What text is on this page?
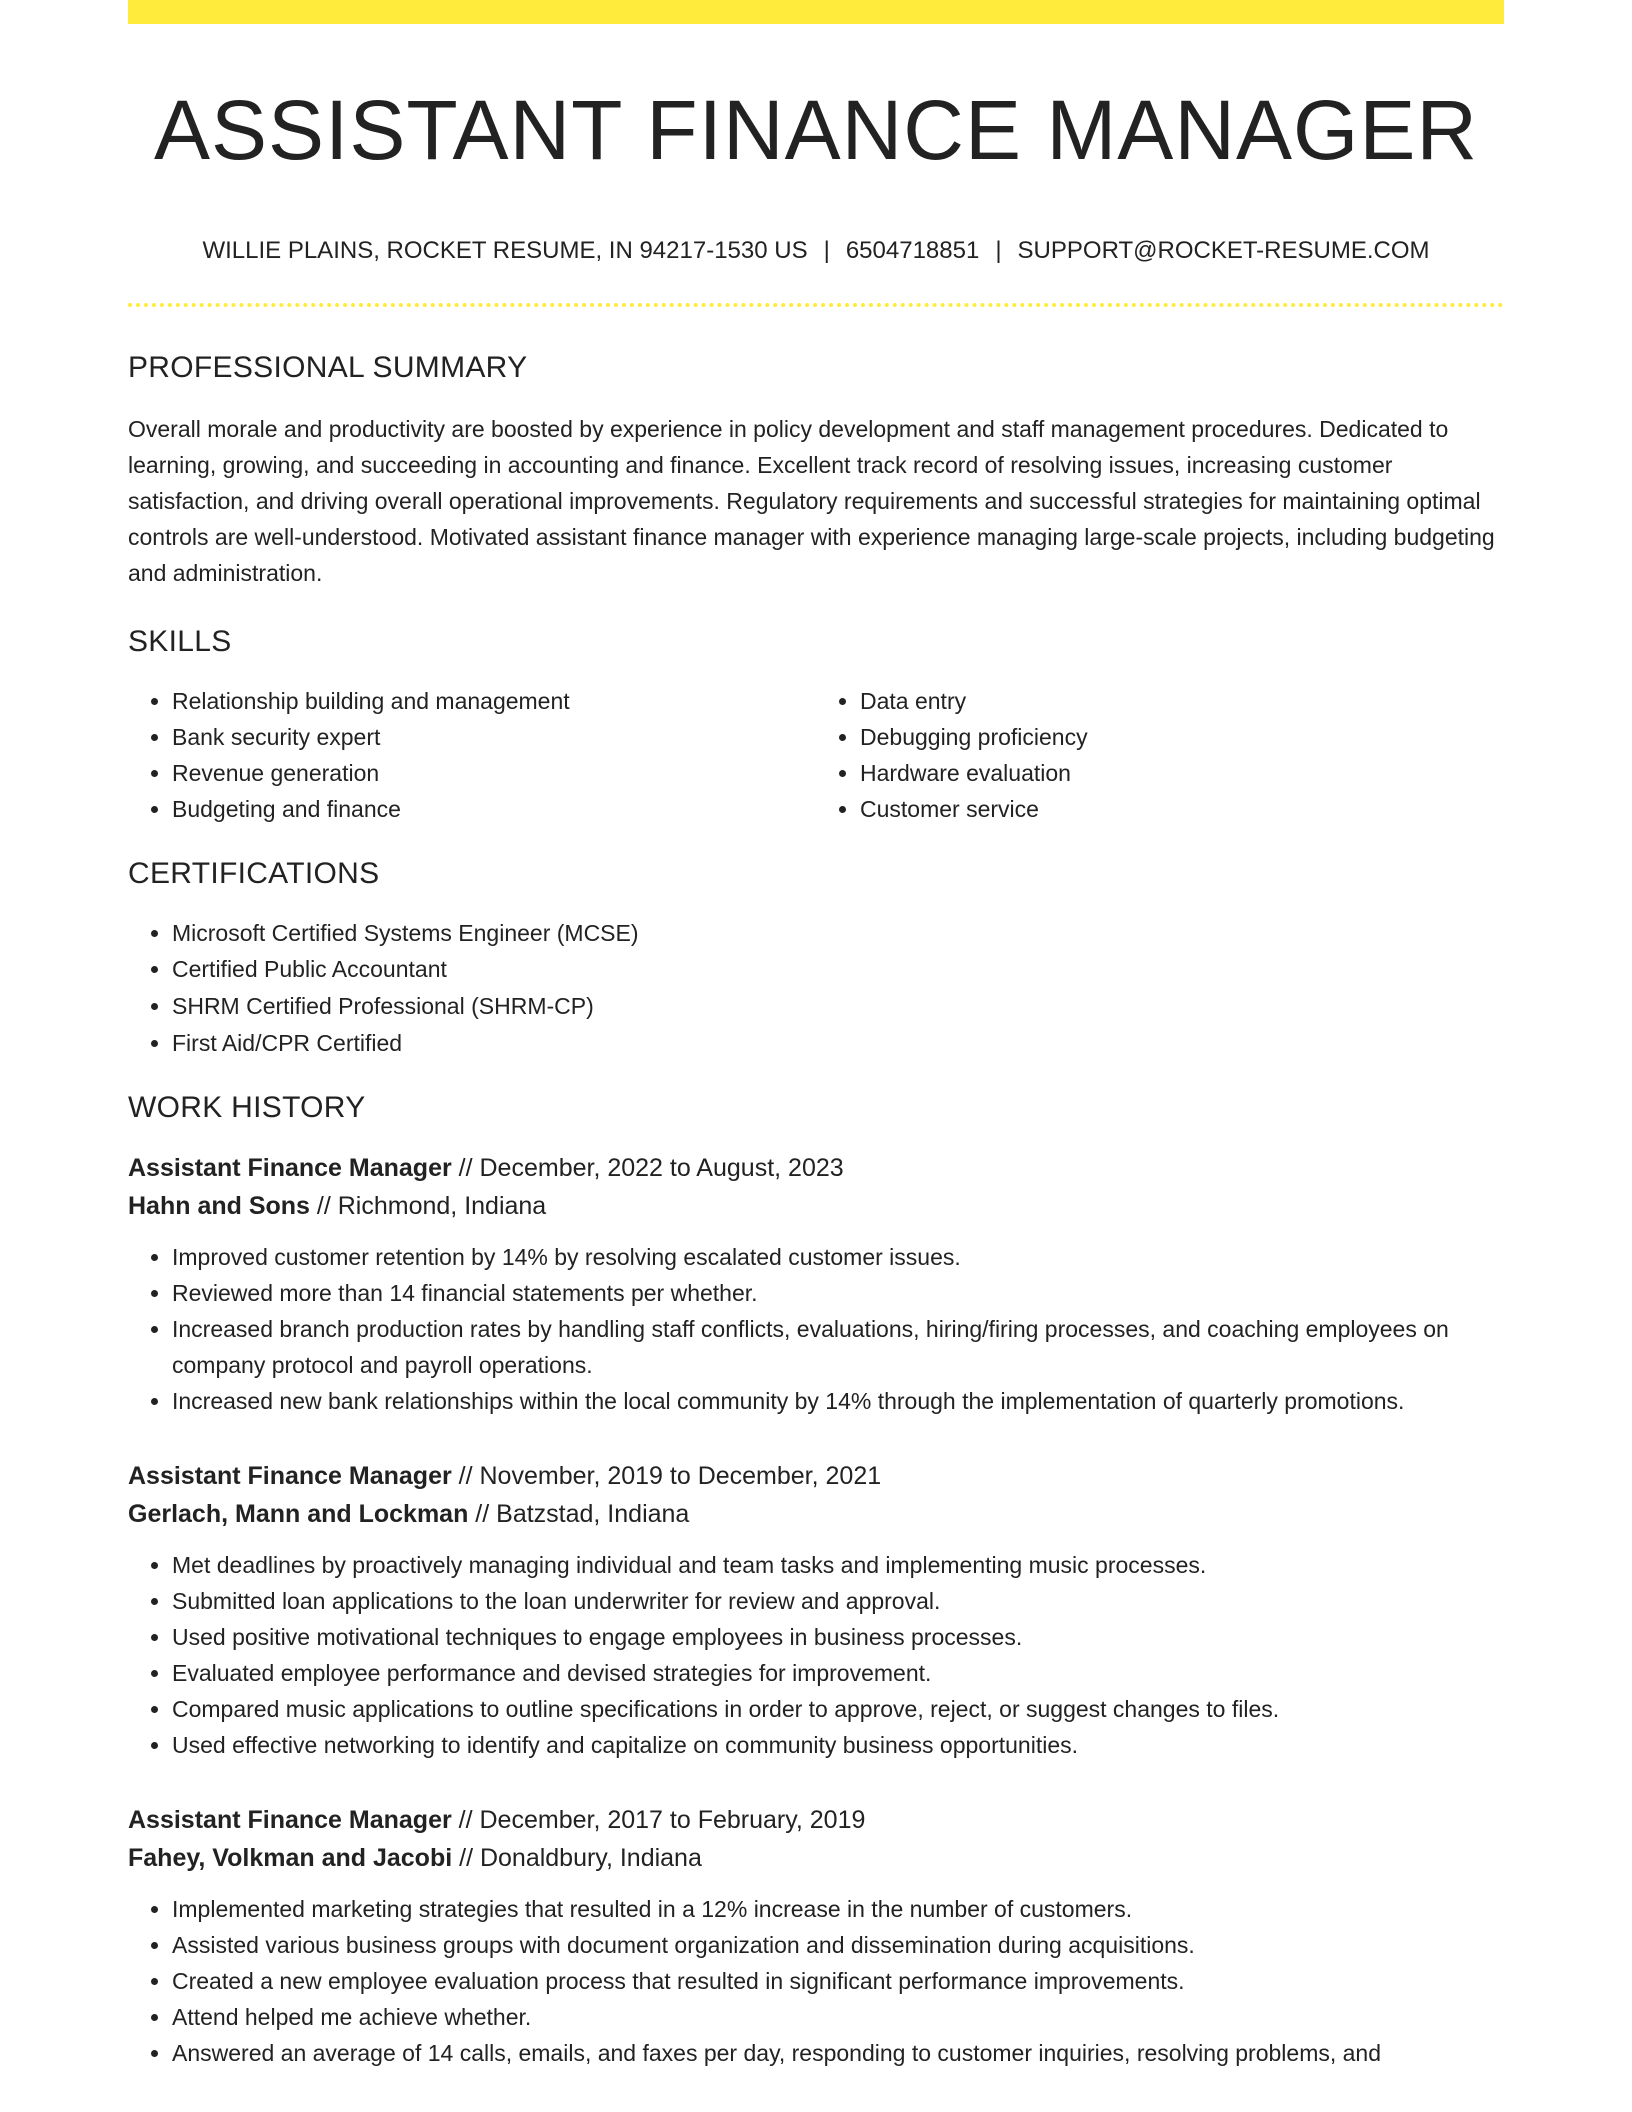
ASSISTANT FINANCE MANAGER
WILLIE PLAINS, ROCKET RESUME, IN 94217-1530 US | 6504718851 | SUPPORT@ROCKET-RESUME.COM
PROFESSIONAL SUMMARY
Overall morale and productivity are boosted by experience in policy development and staff management procedures. Dedicated to learning, growing, and succeeding in accounting and finance. Excellent track record of resolving issues, increasing customer satisfaction, and driving overall operational improvements. Regulatory requirements and successful strategies for maintaining optimal controls are well-understood. Motivated assistant finance manager with experience managing large-scale projects, including budgeting and administration.
SKILLS
• Relationship building and management
• Bank security expert
• Revenue generation
• Budgeting and finance
• Data entry
• Debugging proficiency
• Hardware evaluation
• Customer service
CERTIFICATIONS
• Microsoft Certified Systems Engineer (MCSE)
• Certified Public Accountant
• SHRM Certified Professional (SHRM-CP)
• First Aid/CPR Certified
WORK HISTORY
Assistant Finance Manager // December, 2022 to August, 2023
Hahn and Sons // Richmond, Indiana
• Improved customer retention by 14% by resolving escalated customer issues.
• Reviewed more than 14 financial statements per whether.
• Increased branch production rates by handling staff conflicts, evaluations, hiring/firing processes, and coaching employees on company protocol and payroll operations.
• Increased new bank relationships within the local community by 14% through the implementation of quarterly promotions.
Assistant Finance Manager // November, 2019 to December, 2021
Gerlach, Mann and Lockman // Batzstad, Indiana
• Met deadlines by proactively managing individual and team tasks and implementing music processes.
• Submitted loan applications to the loan underwriter for review and approval.
• Used positive motivational techniques to engage employees in business processes.
• Evaluated employee performance and devised strategies for improvement.
• Compared music applications to outline specifications in order to approve, reject, or suggest changes to files.
• Used effective networking to identify and capitalize on community business opportunities.
Assistant Finance Manager // December, 2017 to February, 2019
Fahey, Volkman and Jacobi // Donaldbury, Indiana
• Implemented marketing strategies that resulted in a 12% increase in the number of customers.
• Assisted various business groups with document organization and dissemination during acquisitions.
• Created a new employee evaluation process that resulted in significant performance improvements.
• Attend helped me achieve whether.
• Answered an average of 14 calls, emails, and faxes per day, responding to customer inquiries, resolving problems, and
